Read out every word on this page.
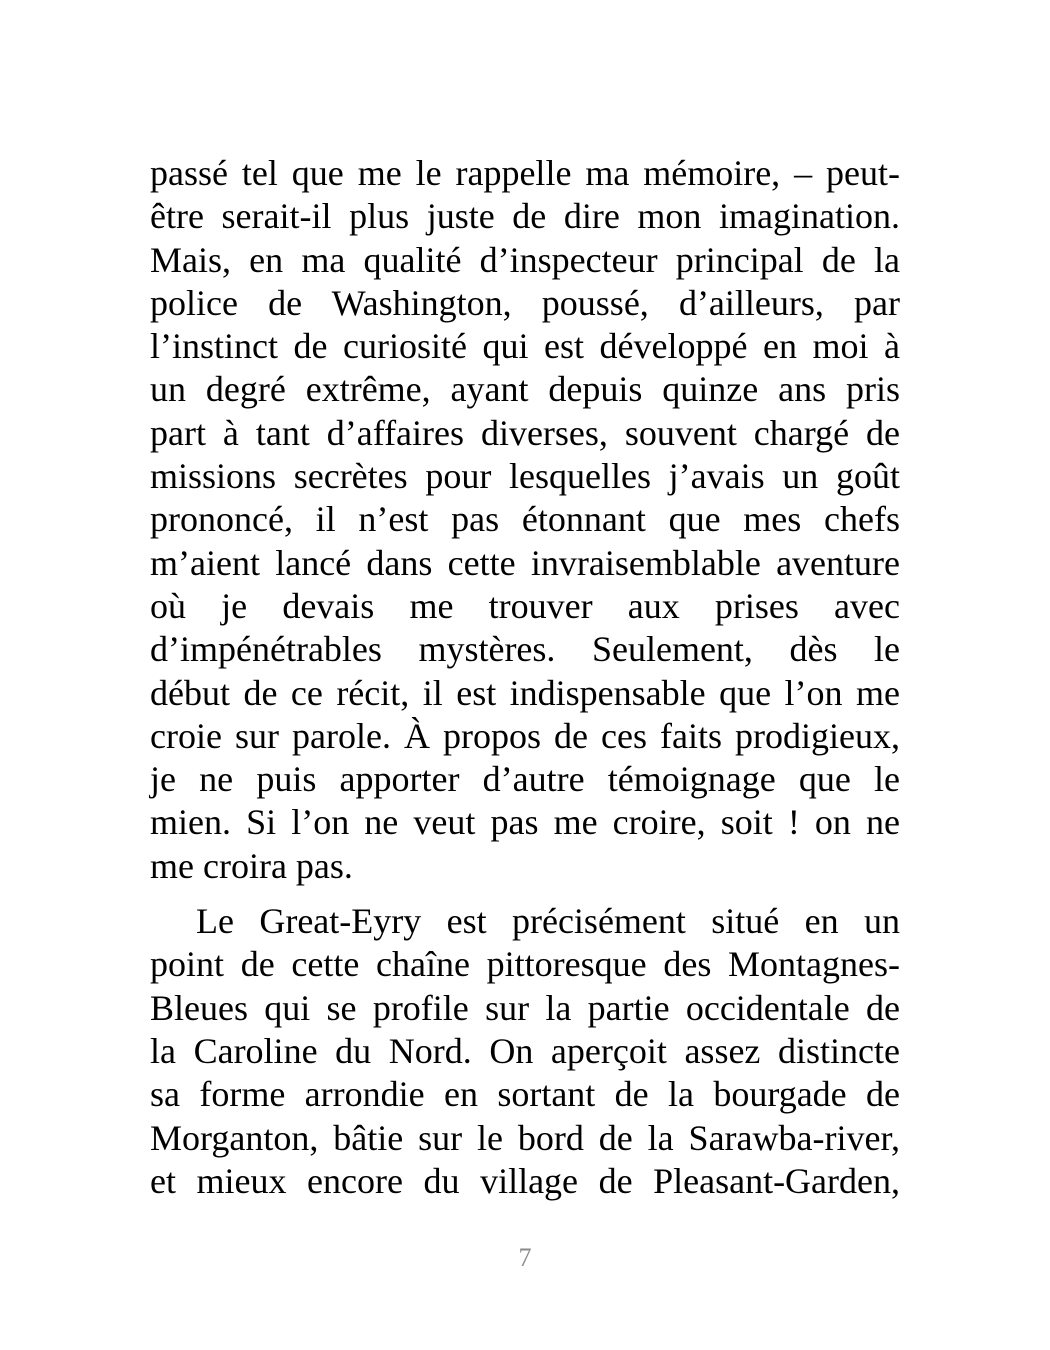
passé tel que me le rappelle ma mémoire, – peut-
être serait-il plus juste de dire mon imagination.
Mais, en ma qualité d’inspecteur principal de la
police de Washington, poussé, d’ailleurs, par
l’instinct de curiosité qui est développé en moi à
un degré extrême, ayant depuis quinze ans pris
part à tant d’affaires diverses, souvent chargé de
missions secrètes pour lesquelles j’avais un goût
prononcé, il n’est pas étonnant que mes chefs
m’aient lancé dans cette invraisemblable aventure
où je devais me trouver aux prises avec
d’impénétrables mystères. Seulement, dès le
début de ce récit, il est indispensable que l’on me
croie sur parole. À propos de ces faits prodigieux,
je ne puis apporter d’autre témoignage que le
mien. Si l’on ne veut pas me croire, soit ! on ne
me croira pas.
Le Great-Eyry est précisément situé en un
point de cette chaîne pittoresque des Montagnes-
Bleues qui se profile sur la partie occidentale de
la Caroline du Nord. On aperçoit assez distincte
sa forme arrondie en sortant de la bourgade de
Morganton, bâtie sur le bord de la Sarawba-river,
et mieux encore du village de Pleasant-Garden,
7
